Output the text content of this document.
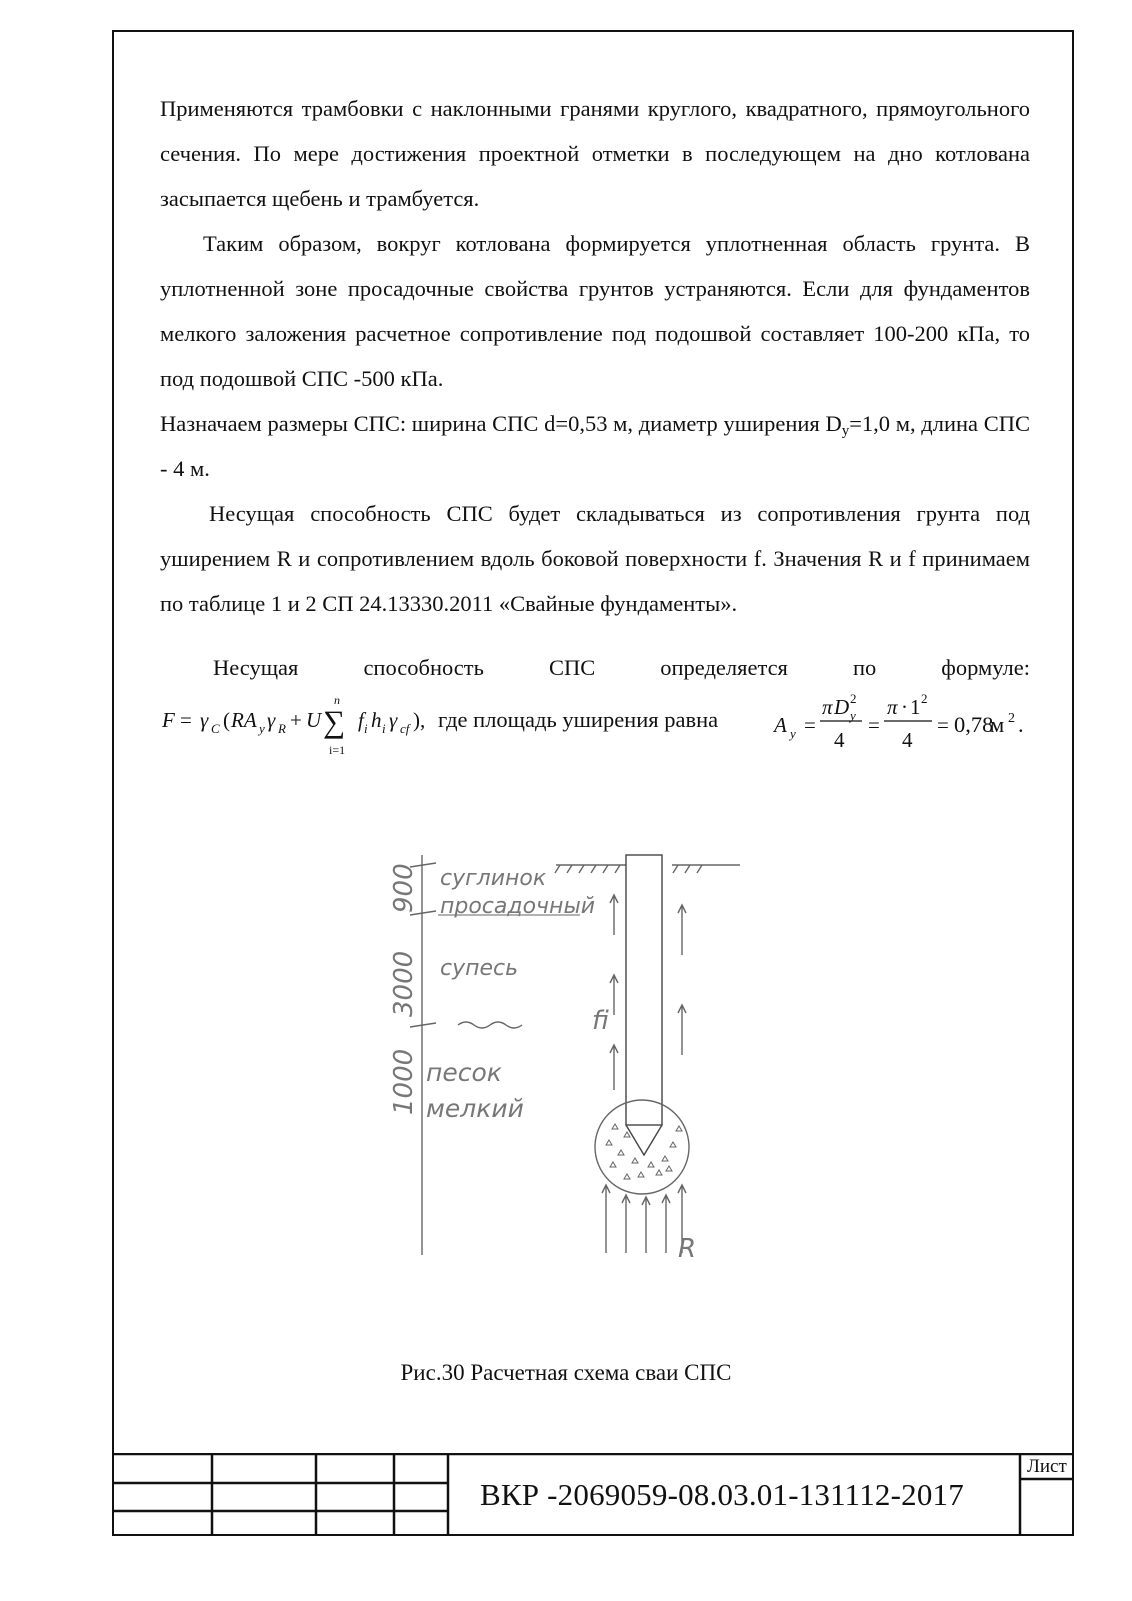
Применяются трамбовки с наклонными гранями круглого, квадратного, прямоугольного сечения. По мере достижения проектной отметки в последующем на дно котлована засыпается щебень и трамбуется.

Таким образом, вокруг котлована формируется уплотненная область грунта. В уплотненной зоне просадочные свойства грунтов устраняются. Если для фундаментов мелкого заложения расчетное сопротивление под подошвой составляет 100-200 кПа, то под подошвой СПС -500 кПа.

Назначаем размеры СПС: ширина СПС d=0,53 м, диаметр уширения $D_у=1,0$ м, длина СПС - 4 м.

Несущая способность СПС будет складываться из сопротивления грунта под уширением R и сопротивлением вдоль боковой поверхности f. Значения R и f принимаем по таблице 1 и 2 СП 24.13330.2011 «Свайные фундаменты».

Несущая	способность	СПС	определяется	по	формуле:
F = γ C ( RA y γ R + U ∑
n
i=1
f i h i γ cf ), где площадь уширения равна	A y =
π D 2
y
4
=
π · 1 2
4
= 0,78
м 2 .
суглинок
просадочный
супесь
песок
мелкий
fi
R
900
3000
1000
Рис.30 Расчетная схема сваи СПС
ВКР -2069059-08.03.01-131112-2017
Лист
